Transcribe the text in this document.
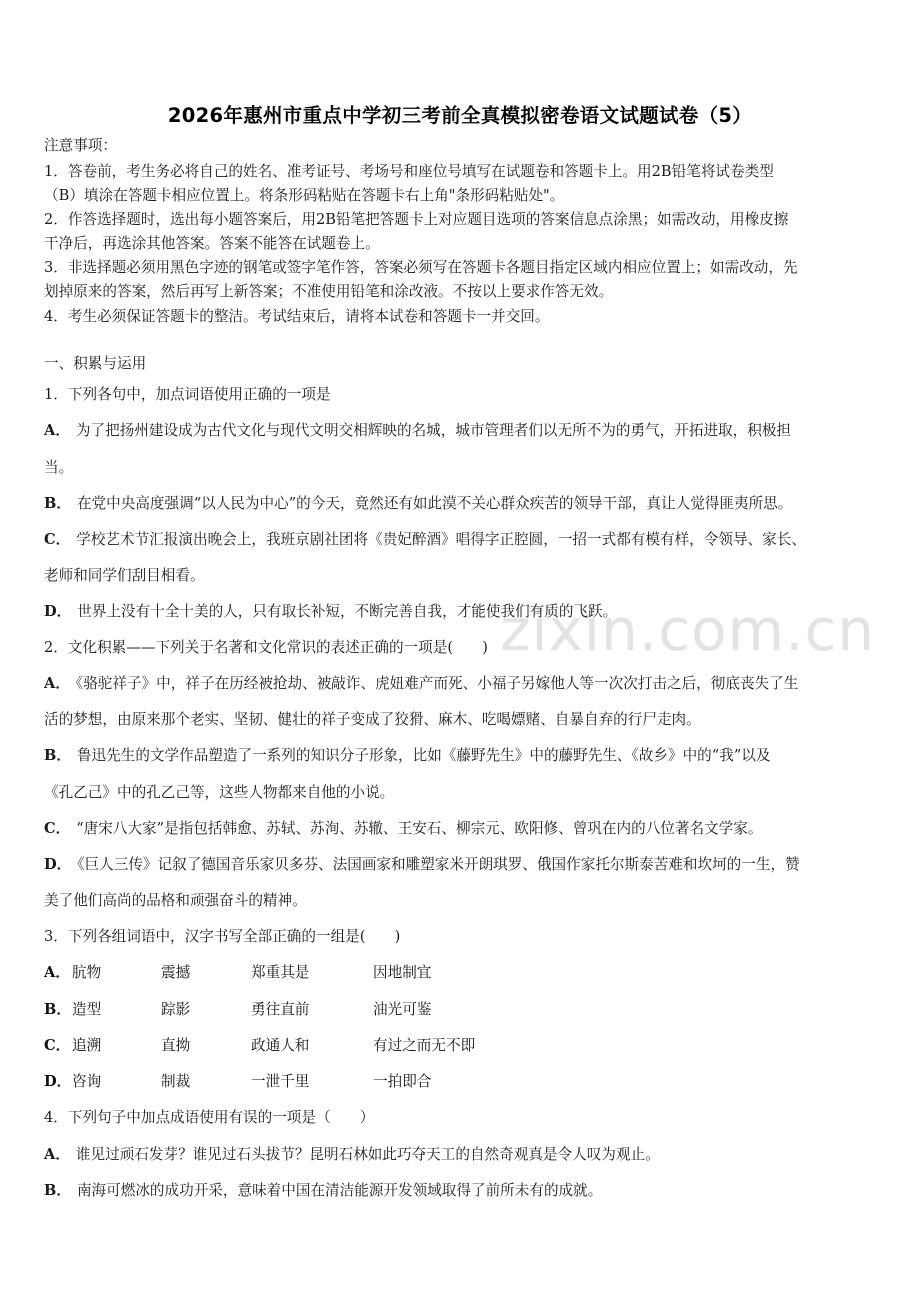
zixin.com.cn
2026年惠州市重点中学初三考前全真模拟密卷语文试题试卷（5）
注意事项：
1．答卷前，考生务必将自己的姓名、准考证号、考场号和座位号填写在试题卷和答题卡上。用2B铅笔将试卷类型
（B）填涂在答题卡相应位置上。将条形码粘贴在答题卡右上角"条形码粘贴处"。
2．作答选择题时，选出每小题答案后，用2B铅笔把答题卡上对应题目选项的答案信息点涂黑；如需改动，用橡皮擦
干净后，再选涂其他答案。答案不能答在试题卷上。
3．非选择题必须用黑色字迹的钢笔或签字笔作答，答案必须写在答题卡各题目指定区域内相应位置上；如需改动，先
划掉原来的答案，然后再写上新答案；不准使用铅笔和涂改液。不按以上要求作答无效。
4．考生必须保证答题卡的整洁。考试结束后，请将本试卷和答题卡一并交回。
一、积累与运用
1．下列各句中，加点词语使用正确的一项是
A． 为了把扬州建设成为古代文化与现代文明交相辉映的名城，城市管理者们以无所不为的勇气，开拓进取，积极担
当。
B． 在党中央高度强调“以人民为中心”的今天，竟然还有如此漠不关心群众疾苦的领导干部，真让人觉得匪夷所思。
C． 学校艺术节汇报演出晚会上，我班京剧社团将《贵妃醉酒》唱得字正腔圆，一招一式都有模有样，令领导、家长、
老师和同学们刮目相看。
D． 世界上没有十全十美的人，只有取长补短，不断完善自我，才能使我们有质的飞跃。
2．文化积累——下列关于名著和文化常识的表述正确的一项是(　　)
A． 《骆驼祥子》中，祥子在历经被抢劫、被敲诈、虎妞难产而死、小福子另嫁他人等一次次打击之后，彻底丧失了生
活的梦想，由原来那个老实、坚韧、健壮的祥子变成了狡猾、麻木、吃喝嫖赌、自暴自弃的行尸走肉。
B． 鲁迅先生的文学作品塑造了一系列的知识分子形象，比如《藤野先生》中的藤野先生、《故乡》中的“我”以及
《孔乙己》中的孔乙己等，这些人物都来自他的小说。
C． “唐宋八大家”是指包括韩愈、苏轼、苏洵、苏辙、王安石、柳宗元、欧阳修、曾巩在内的八位著名文学家。
D． 《巨人三传》记叙了德国音乐家贝多芬、法国画家和雕塑家米开朗琪罗、俄国作家托尔斯泰苦难和坎坷的一生，赞
美了他们高尚的品格和顽强奋斗的精神。
3．下列各组词语中，汉字书写全部正确的一组是(　　)
A． 肮物	震撼	郑重其是	因地制宜
B． 造型	踪影	勇往直前	油光可鉴
C． 追溯	直拗	政通人和	有过之而无不即
D． 咨询	制裁	一泄千里	一拍即合
4．下列句子中加点成语使用有误的一项是（　　）
A． 谁见过顽石发芽？谁见过石头拔节？昆明石林如此巧夺天工的自然奇观真是令人叹为观止。
B． 南海可燃冰的成功开采，意味着中国在清洁能源开发领域取得了前所未有的成就。
